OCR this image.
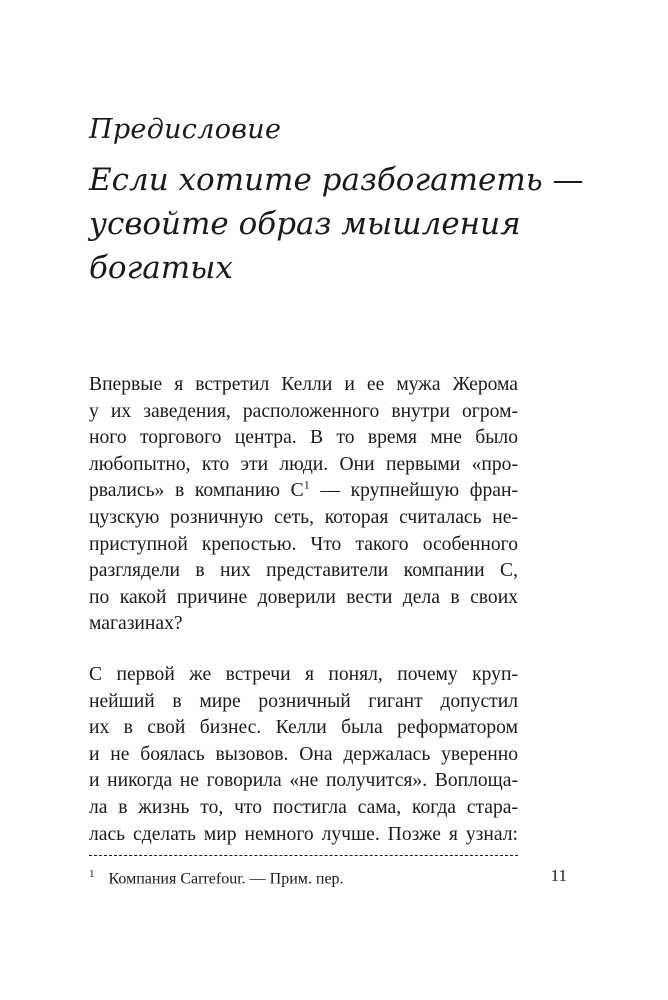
Предисловие
Если хотите разбогатеть —
усвойте образ мышления
богатых
Впервые я встретил Келли и ее мужа Жерома
у их заведения, расположенного внутри огром-
ного торгового центра. В то время мне было
любопытно, кто эти люди. Они первыми «про-
рвались» в компанию С$^1$ — крупнейшую фран-
цузскую розничную сеть, которая считалась не-
приступной крепостью. Что такого особенного
разглядели в них представители компании С,
по какой причине доверили вести дела в своих
магазинах?
С первой же встречи я понял, почему круп-
нейший в мире розничный гигант допустил
их в свой бизнес. Келли была реформатором
и не боялась вызовов. Она держалась уверенно
и никогда не говорила «не получится». Воплоща-
ла в жизнь то, что постигла сама, когда стара-
лась сделать мир немного лучше. Позже я узнал:
$^1$ Компания Carrefour. — Прим. пер.	11
